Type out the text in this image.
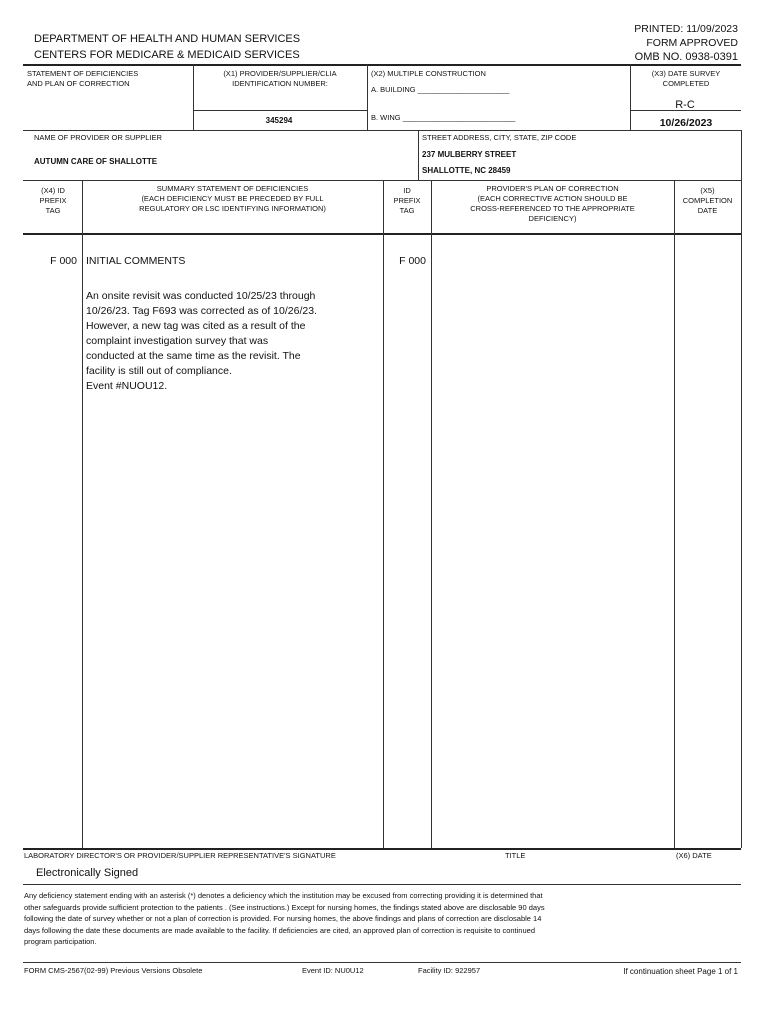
DEPARTMENT OF HEALTH AND HUMAN SERVICES
CENTERS FOR MEDICARE & MEDICAID SERVICES
PRINTED: 11/09/2023
FORM APPROVED
OMB NO. 0938-0391
STATEMENT OF DEFICIENCIES
AND PLAN OF CORRECTION
(X1) PROVIDER/SUPPLIER/CLIA
IDENTIFICATION NUMBER:
345294
(X2) MULTIPLE CONSTRUCTION
A. BUILDING ______________________
B. WING ___________________________
(X3) DATE SURVEY
COMPLETED
R-C
10/26/2023
NAME OF PROVIDER OR SUPPLIER
AUTUMN CARE OF SHALLOTTE
STREET ADDRESS, CITY, STATE, ZIP CODE
237 MULBERRY STREET
SHALLOTTE, NC 28459
(X4) ID
PREFIX
TAG
SUMMARY STATEMENT OF DEFICIENCIES
(EACH DEFICIENCY MUST BE PRECEDED BY FULL
REGULATORY OR LSC IDENTIFYING INFORMATION)
ID
PREFIX
TAG
PROVIDER'S PLAN OF CORRECTION
(EACH CORRECTIVE ACTION SHOULD BE
CROSS-REFERENCED TO THE APPROPRIATE
DEFICIENCY)
(X5)
COMPLETION
DATE
F 000 INITIAL COMMENTS	F 000
An onsite revisit was conducted 10/25/23 through
10/26/23. Tag F693 was corrected as of 10/26/23.
However, a new tag was cited as a result of the
complaint investigation survey that was
conducted at the same time as the revisit. The
facility is still out of compliance.
Event #NUOU12.
LABORATORY DIRECTOR'S OR PROVIDER/SUPPLIER REPRESENTATIVE'S SIGNATURE	TITLE	(X6) DATE
Electronically Signed
Any deficiency statement ending with an asterisk (*) denotes a deficiency which the institution may be excused from correcting providing it is determined that
other safeguards provide sufficient protection to the patients . (See instructions.) Except for nursing homes, the findings stated above are disclosable 90 days
following the date of survey whether or not a plan of correction is provided. For nursing homes, the above findings and plans of correction are disclosable 14
days following the date these documents are made available to the facility. If deficiencies are cited, an approved plan of correction is requisite to continued
program participation.
FORM CMS-2567(02-99) Previous Versions Obsolete	Event ID: NU0U12	Facility ID: 922957	If continuation sheet Page 1 of 1
